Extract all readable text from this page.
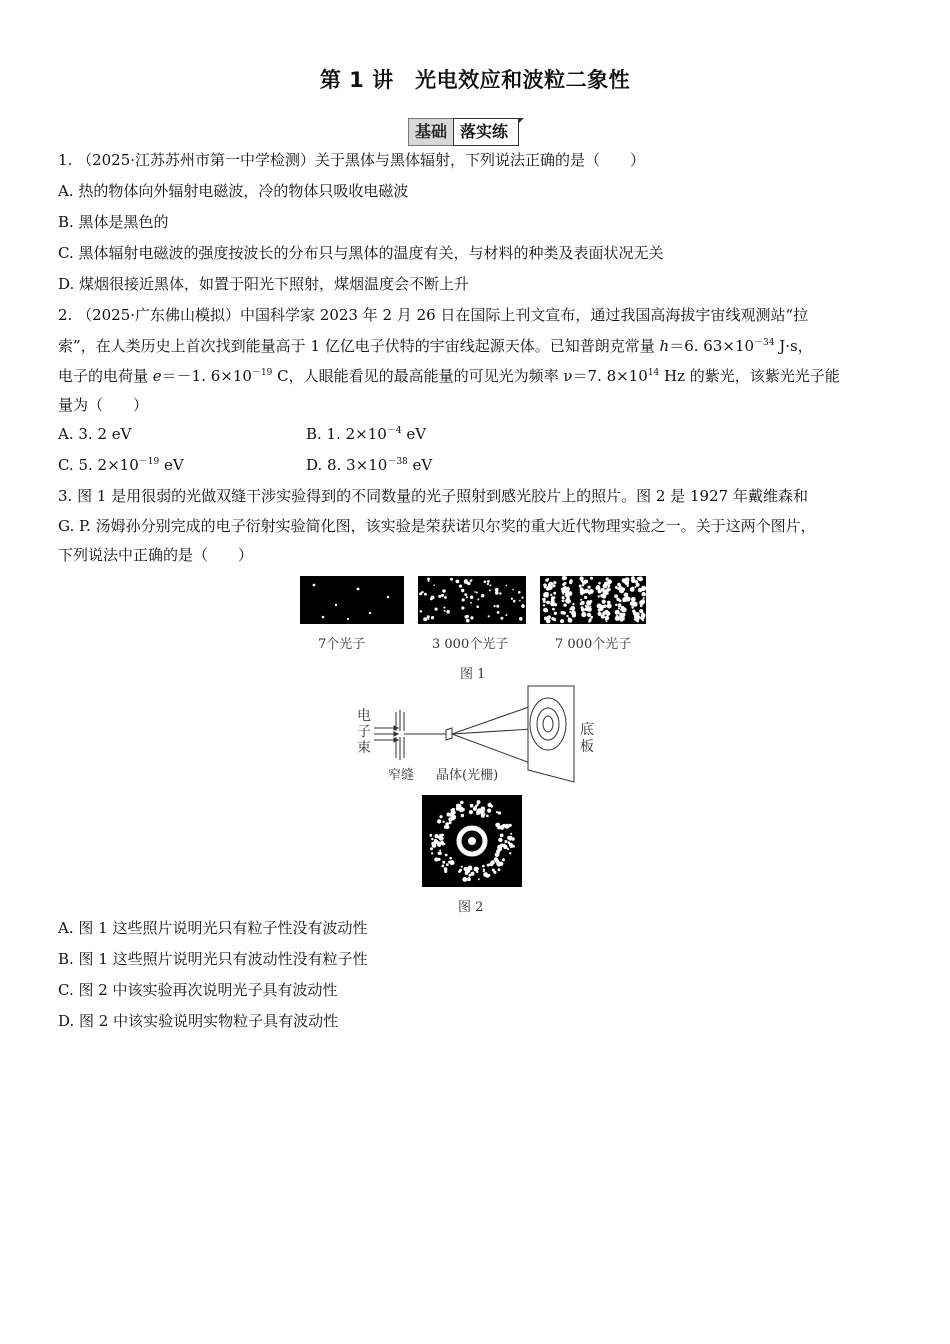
第 1 讲　光电效应和波粒二象性
基础 落实练
1. （2025·江苏苏州市第一中学检测）关于黑体与黑体辐射，下列说法正确的是（　　）
A. 热的物体向外辐射电磁波，冷的物体只吸收电磁波
B. 黑体是黑色的
C. 黑体辐射电磁波的强度按波长的分布只与黑体的温度有关，与材料的种类及表面状况无关
D. 煤烟很接近黑体，如置于阳光下照射，煤烟温度会不断上升
2. （2025·广东佛山模拟）中国科学家 2023 年 2 月 26 日在国际上刊文宣布，通过我国高海拔宇宙线观测站“拉
索”，在人类历史上首次找到能量高于 1 亿亿电子伏特的宇宙线起源天体。已知普朗克常量 h＝6. $63\times 10^{-34}$ J·s，
电子的电荷量 e＝－1. $6\times 10^{-19}$ C，人眼能看见的最高能量的可见光为频率 ν＝7. $8\times 10^{14}$ Hz 的紫光，该紫光光子能
量为（　　）
A. 3. 2 eV	B. 1. $2\times 10^{-4}$ eV
C. 5. $2\times 10^{-19}$ eV	D. 8. $3\times 10^{-38}$ eV
3. 图 1 是用很弱的光做双缝干涉实验得到的不同数量的光子照射到感光胶片上的照片。图 2 是 1927 年戴维森和
G. P. 汤姆孙分别完成的电子衍射实验简化图，该实验是荣获诺贝尔奖的重大近代物理实验之一。关于这两个图片，
下列说法中正确的是（　　）
7个光子	3 000个光子	7 000个光子
图 1
电
子
束
窄缝 晶体(光栅)
底
板
图 2
A. 图 1 这些照片说明光只有粒子性没有波动性
B. 图 1 这些照片说明光只有波动性没有粒子性
C. 图 2 中该实验再次说明光子具有波动性
D. 图 2 中该实验说明实物粒子具有波动性
